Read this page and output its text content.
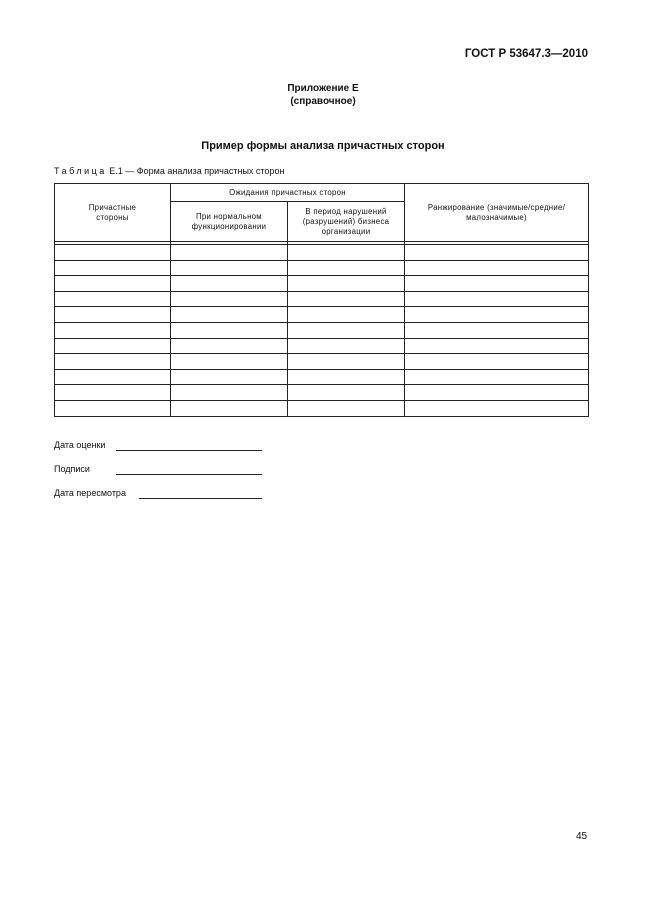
ГОСТ Р 53647.3—2010
Приложение Е
(справочное)
Пример формы анализа причастных сторон
Таблица Е.1 — Форма анализа причастных сторон
Причастные стороны	Ожидания причастных сторон		Ранжирование (значимые/средние/малозначимые)
	При нормальном функционировании	В период нарушений (разрушений) бизнеса организации	

Дата оценки
Подписи
Дата пересмотра
45
